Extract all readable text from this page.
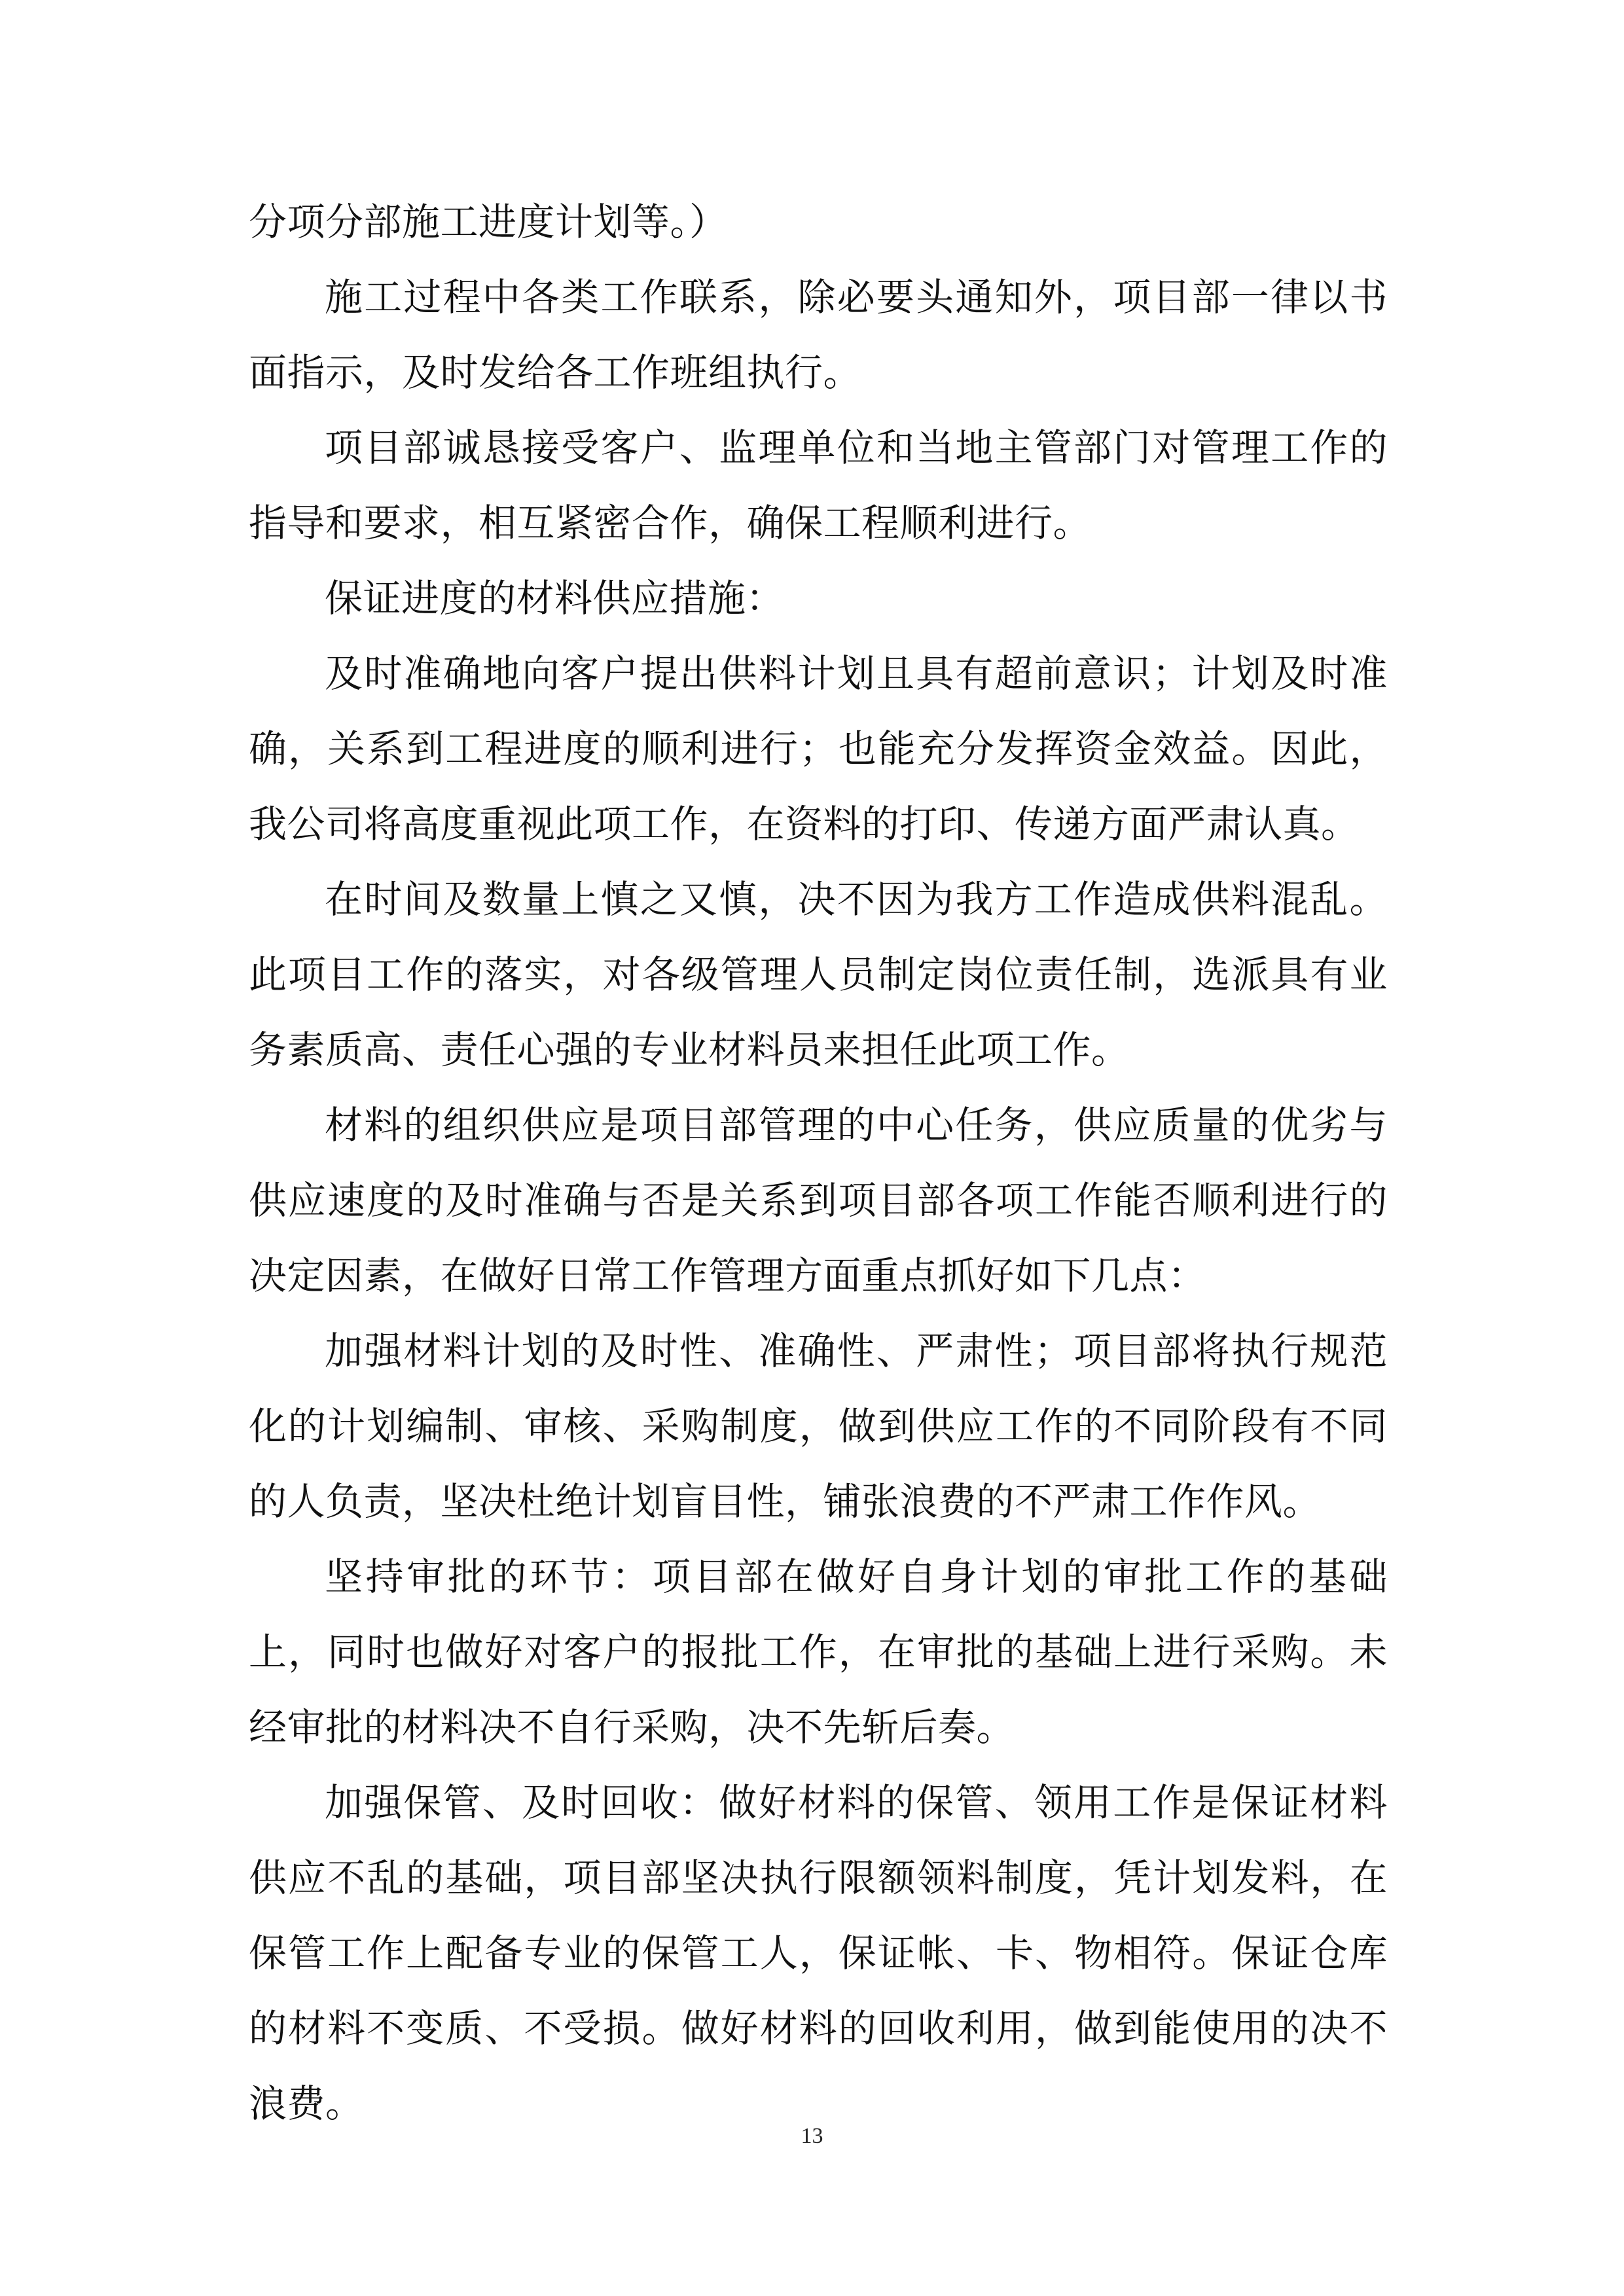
分项分部施工进度计划等。）

施工过程中各类工作联系，除必要头通知外，项目部一律以书面指示，及时发给各工作班组执行。

项目部诚恳接受客户、监理单位和当地主管部门对管理工作的指导和要求，相互紧密合作，确保工程顺利进行。

保证进度的材料供应措施：

及时准确地向客户提出供料计划且具有超前意识；计划及时准确，关系到工程进度的顺利进行；也能充分发挥资金效益。因此，我公司将高度重视此项工作，在资料的打印、传递方面严肃认真。

在时间及数量上慎之又慎，决不因为我方工作造成供料混乱。此项目工作的落实，对各级管理人员制定岗位责任制，选派具有业务素质高、责任心强的专业材料员来担任此项工作。

材料的组织供应是项目部管理的中心任务，供应质量的优劣与供应速度的及时准确与否是关系到项目部各项工作能否顺利进行的决定因素，在做好日常工作管理方面重点抓好如下几点：

加强材料计划的及时性、准确性、严肃性；项目部将执行规范化的计划编制、审核、采购制度，做到供应工作的不同阶段有不同的人负责，坚决杜绝计划盲目性，铺张浪费的不严肃工作作风。

坚持审批的环节：项目部在做好自身计划的审批工作的基础上，同时也做好对客户的报批工作，在审批的基础上进行采购。未经审批的材料决不自行采购，决不先斩后奏。

加强保管、及时回收：做好材料的保管、领用工作是保证材料供应不乱的基础，项目部坚决执行限额领料制度，凭计划发料，在保管工作上配备专业的保管工人，保证帐、卡、物相符。保证仓库的材料不变质、不受损。做好材料的回收利用，做到能使用的决不浪费。

13
